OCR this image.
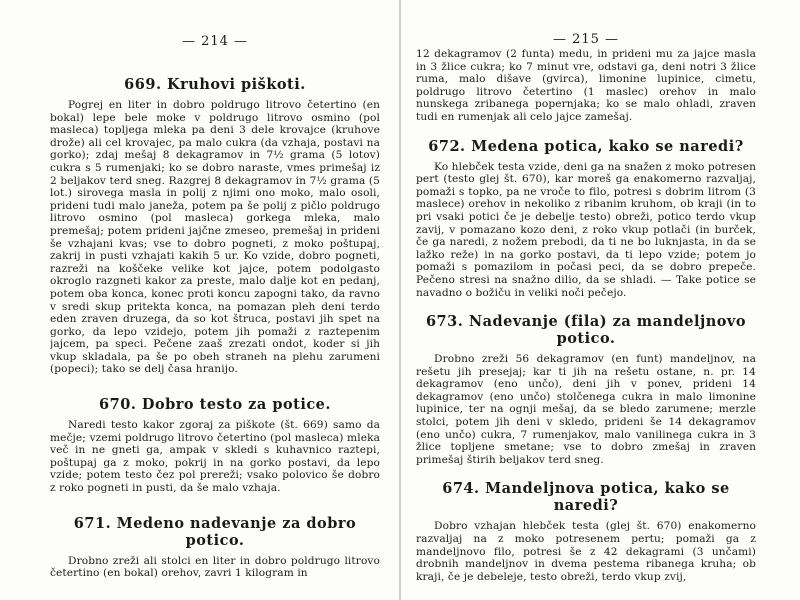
— 214 —
669. Kruhovi piškoti.

Pogrej en liter in dobro poldrugo litrovo četertino (en bokal) lepe bele moke v poldrugo litrovo osmino (pol masleca) topljega mleka pa deni 3 dele krovajce (kruhove drože) ali cel krovajec, pa malo cukra (da vzhaja, postavi na gorko); zdaj mešaj 8 dekagramov in 7½ grama (5 lotov) cukra s 5 rumenjaki; ko se dobro naraste, vmes primešaj iz 2 beljakov terd sneg. Razgrej 8 dekagramov in 7½ grama (5 lot.) sirovega masla in polij z njimi ono moko, malo osoli, prideni tudi malo janeža, potem pa še polij z pičlo poldrugo litrovo osmino (pol masleca) gorkega mleka, malo premešaj; potem prideni jajčne zmeseo, premešaj in prideni še vzhajani kvas; vse to dobro pogneti, z moko poštupaj, zakrij in pusti vzhajati kakih 5 ur. Ko vzide, dobro pogneti, razreži na koščeke velike kot jajce, potem podolgasto okroglo razgneti kakor za preste, malo dalje kot en pedanj, potem oba konca, konec proti koncu zapogni tako, da ravno v sredi skup pritekta konca, na pomazan pleh deni terdo eden zraven druzega, da so kot štruca, postavi jih spet na gorko, da lepo vzidejo, potem jih pomaži z raztepenim jajcem, pa speci. Pečene zaaš zrezati ondot, koder si jih vkup skladala, pa še po obeh straneh na plehu zarumeni (popeci); tako se delj časa hranijo.

670. Dobro testo za potice.

Naredi testo kakor zgoraj za piškote (št. 669) samo da mečje; vzemi poldrugo litrovo četertino (pol masleca) mleka več in ne gneti ga, ampak v skledi s kuhavnico raztepi, poštupaj ga z moko, pokrij in na gorko postavi, da lepo vzide; potem testo čez pol prereži; vsako polovico še dobro z roko pogneti in pusti, da še malo vzhaja.

671. Medeno nadevanje za dobro potico.

Drobno zreži ali stolci en liter in dobro poldrugo litrovo četertino (en bokal) orehov, zavri 1 kilogram in

— 215 —

12 dekagramov (2 funta) medu, in prideni mu za jajce masla in 3 žlice cukra; ko 7 minut vre, odstavi ga, deni notri 3 žlice ruma, malo dišave (gvirca), limonine lupinice, cimetu, poldrugo litrovo četertino (1 maslec) orehov in malo nunskega zribanega popernjaka; ko se malo ohladi, zraven tudi en rumenjak ali celo jajce zamešaj.

672. Medena potica, kako se naredi?

Ko hlebček testa vzide, deni ga na snažen z moko potresen pert (testo glej št. 670), kar moreš ga enakomerno razvaljaj, pomaži s topko, pa ne vroče to filo, potresi s dobrim litrom (3 maslece) orehov in nekoliko z ribanim kruhom, ob kraji (in to pri vsaki potici če je debelje testo) obreži, potico terdo vkup zavij, v pomazano kozo deni, z roko vkup potlači (in burček, če ga naredi, z nožem prebodi, da ti ne bo luknjasta, in da se lažko reže) in na gorko postavi, da ti lepo vzide; potem jo pomaži s pomazilom in počasi peci, da se dobro prepeče. Pečeno stresi na snažno dilio, da se shladi. — Take potice se navadno o božiču in veliki noči pečejo.

673. Nadevanje (fila) za mandeljnovo potico.

Drobno zreži 56 dekagramov (en funt) mandeljnov, na rešetu jih presejaj; kar ti jih na rešetu ostane, n. pr. 14 dekagramov (eno unčo), deni jih v ponev, prideni 14 dekagramov (eno unčo) stolčenega cukra in malo limonine lupinice, ter na ognji mešaj, da se bledo zarumene; merzle stolci, potem jih deni v skledo, prideni še 14 dekagramov (eno unčo) cukra, 7 rumenjakov, malo vanilinega cukra in 3 žlice topljene smetane; vse to dobro zmešaj in zraven primešaj štirih beljakov terd sneg.

674. Mandeljnova potica, kako se naredi?

Dobro vzhajan hlebček testa (glej št. 670) enakomerno razvaljaj na z moko potresenem pertu; pomaži ga z mandeljnovo filo, potresi še z 42 dekagrami (3 unčami) drobnih mandeljnov in dvema pestema ribanega kruha; ob kraji, če je debeleje, testo obreži, terdo vkup zvij,
